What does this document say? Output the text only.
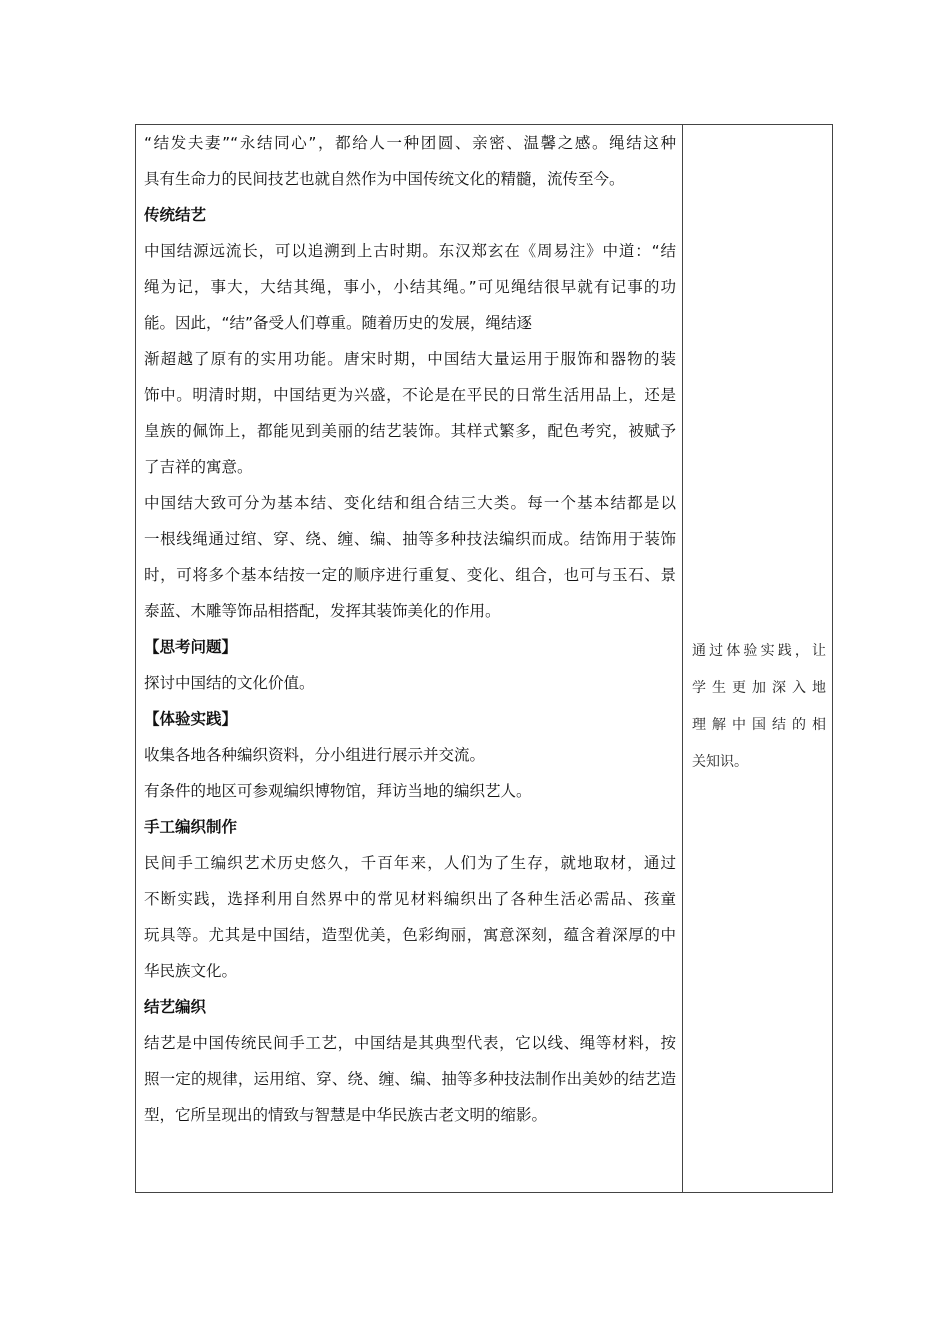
“结发夫妻”“永结同心”，都给人一种团圆、亲密、温馨之感。绳结这种
具有生命力的民间技艺也就自然作为中国传统文化的精髓，流传至今。
传统结艺
中国结源远流长，可以追溯到上古时期。东汉郑玄在《周易注》中道：“结
绳为记，事大，大结其绳，事小，小结其绳。”可见绳结很早就有记事的功
能。因此，“结”备受人们尊重。随着历史的发展，绳结逐
渐超越了原有的实用功能。唐宋时期，中国结大量运用于服饰和器物的装
饰中。明清时期，中国结更为兴盛，不论是在平民的日常生活用品上，还是
皇族的佩饰上，都能见到美丽的结艺装饰。其样式繁多，配色考究，被赋予
了吉祥的寓意。
中国结大致可分为基本结、变化结和组合结三大类。每一个基本结都是以
一根线绳通过绾、穿、绕、缠、编、抽等多种技法编织而成。结饰用于装饰
时，可将多个基本结按一定的顺序进行重复、变化、组合，也可与玉石、景
泰蓝、木雕等饰品相搭配，发挥其装饰美化的作用。
【思考问题】
探讨中国结的文化价值。
【体验实践】
收集各地各种编织资料，分小组进行展示并交流。
有条件的地区可参观编织博物馆，拜访当地的编织艺人。
手工编织制作
民间手工编织艺术历史悠久，千百年来，人们为了生存，就地取材，通过
不断实践，选择利用自然界中的常见材料编织出了各种生活必需品、孩童
玩具等。尤其是中国结，造型优美，色彩绚丽，寓意深刻，蕴含着深厚的中
华民族文化。
结艺编织
结艺是中国传统民间手工艺，中国结是其典型代表，它以线、绳等材料，按
照一定的规律，运用绾、穿、绕、缠、编、抽等多种技法制作出美妙的结艺造
型，它所呈现出的情致与智慧是中华民族古老文明的缩影。
通过体验实践，让
学生更加深入地
理解中国结的相
关知识。
